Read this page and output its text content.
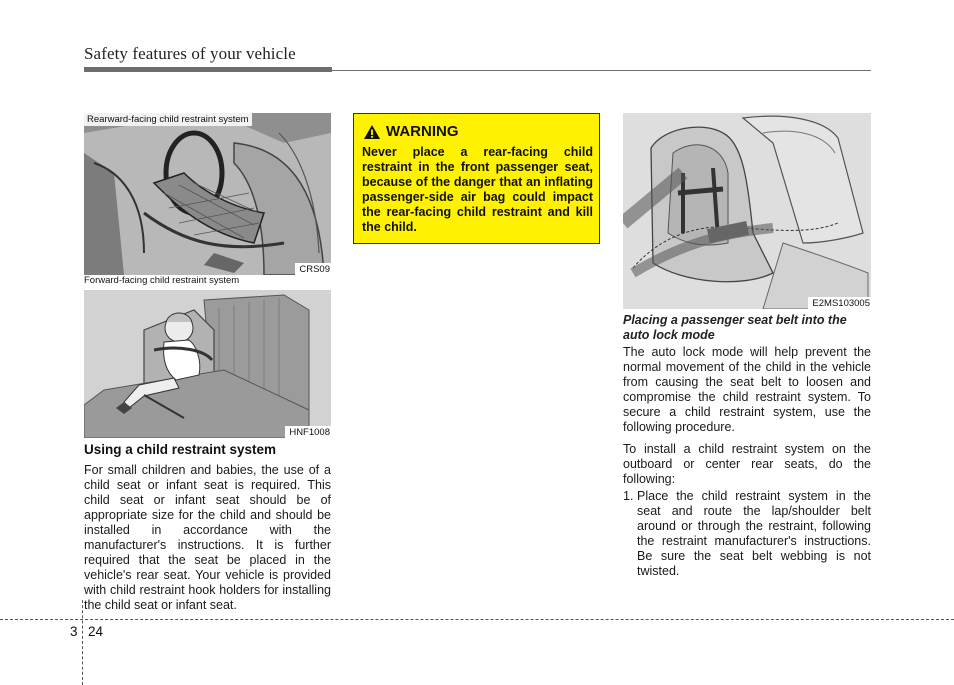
Safety features of your vehicle
Rearward-facing child restraint system
CRS09
Forward-facing child restraint system
HNF1008
Using a child restraint system

For small children and babies, the use of a child seat or infant seat is required. This child seat or infant seat should be of appropriate size for the child and should be installed in accordance with the manufacturer's instructions. It is further required that the seat be placed in the vehicle's rear seat. Your vehicle is provided with child restraint hook holders for installing the child seat or infant seat.

WARNING
Never place a rear-facing child restraint in the front passenger seat, because of the danger that an inflating passenger-side air bag could impact the rear-facing child restraint and kill the child.
E2MS103005
Placing a passenger seat belt into the auto lock mode

The auto lock mode will help prevent the normal movement of the child in the vehicle from causing the seat belt to loosen and compromise the child restraint system. To secure a child restraint system, use the following procedure.

To install a child restraint system on the outboard or center rear seats, do the following:

1. Place the child restraint system in the seat and route the lap/shoulder belt around or through the restraint, following the restraint manufacturer's instructions. Be sure the seat belt webbing is not twisted.
3 24
